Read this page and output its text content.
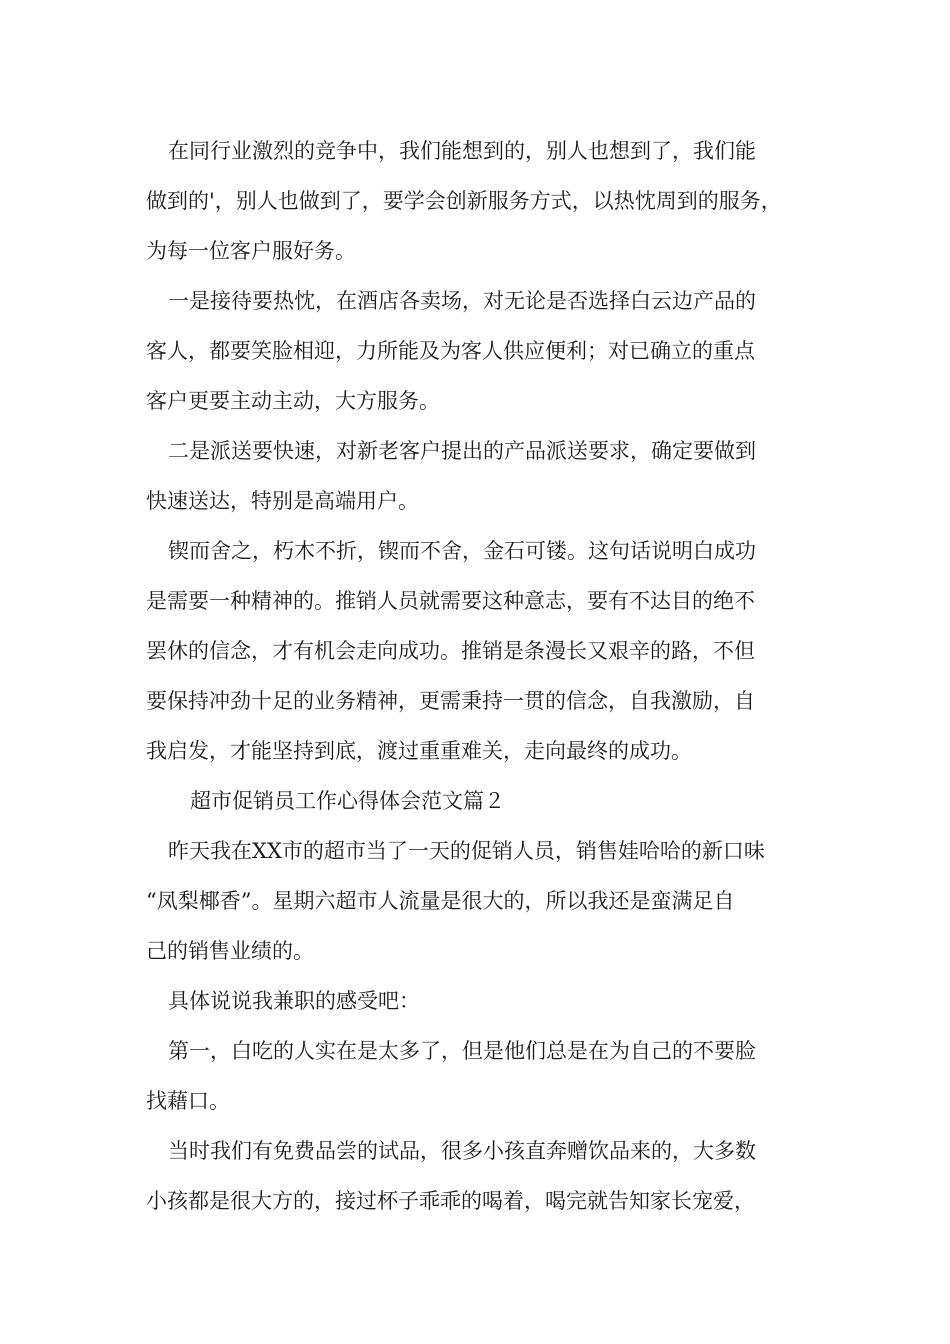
在同行业激烈的竞争中，我们能想到的，别人也想到了，我们能
做到的'，别人也做到了，要学会创新服务方式，以热忱周到的服务，
为每一位客户服好务。
一是接待要热忱，在酒店各卖场，对无论是否选择白云边产品的
客人，都要笑脸相迎，力所能及为客人供应便利；对已确立的重点
客户更要主动主动，大方服务。
二是派送要快速，对新老客户提出的产品派送要求，确定要做到
快速送达，特别是高端用户。
锲而舍之，朽木不折，锲而不舍，金石可镂。这句话说明白成功
是需要一种精神的。推销人员就需要这种意志，要有不达目的绝不
罢休的信念，才有机会走向成功。推销是条漫长又艰辛的路，不但
要保持冲劲十足的业务精神，更需秉持一贯的信念，自我激励，自
我启发，才能坚持到底，渡过重重难关，走向最终的成功。
超市促销员工作心得体会范文篇２
昨天我在XX市的超市当了一天的促销人员，销售娃哈哈的新口味
“凤梨椰香”。星期六超市人流量是很大的，所以我还是蛮满足自
己的销售业绩的。
具体说说我兼职的感受吧：
第一，白吃的人实在是太多了，但是他们总是在为自己的不要脸
找藉口。
当时我们有免费品尝的试品，很多小孩直奔赠饮品来的，大多数
小孩都是很大方的，接过杯子乖乖的喝着，喝完就告知家长宠爱，
